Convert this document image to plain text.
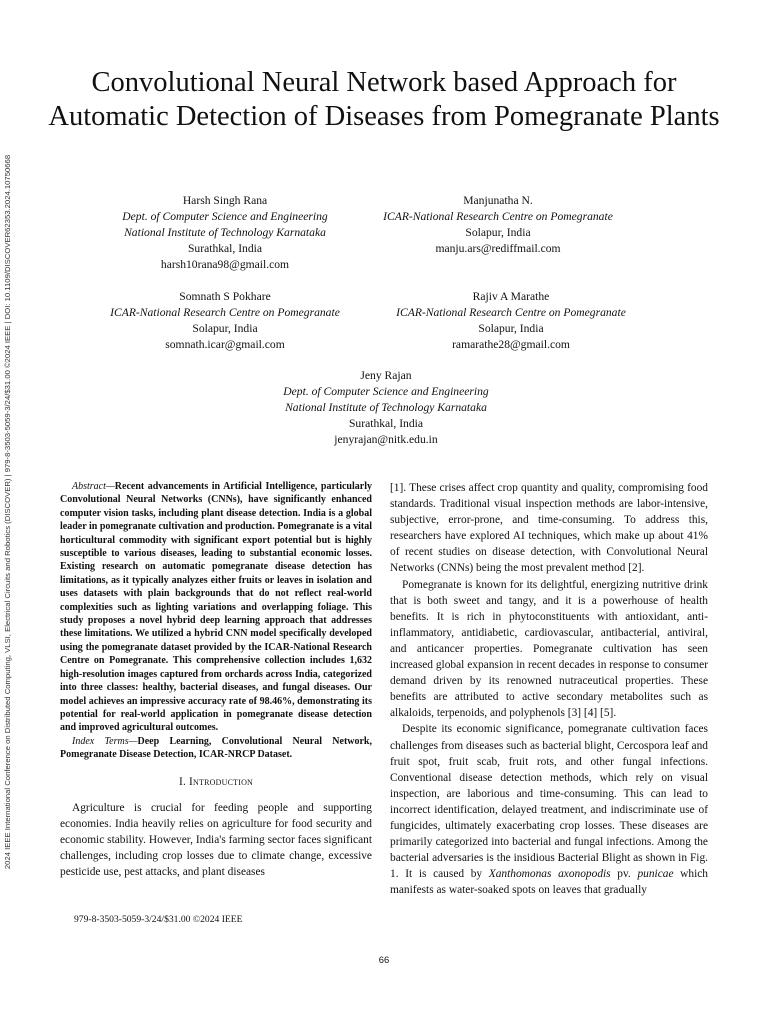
2024 IEEE International Conference on Distributed Computing, VLSI, Electrical Circuits and Robotics (DISCOVER) | 979-8-3503-5059-3/24/$31.00 ©2024 IEEE | DOI: 10.1109/DISCOVER62353.2024.10750668
Convolutional Neural Network based Approach for Automatic Detection of Diseases from Pomegranate Plants
Harsh Singh Rana
Dept. of Computer Science and Engineering
National Institute of Technology Karnataka
Surathkal, India
harsh10rana98@gmail.com
Manjunatha N.
ICAR-National Research Centre on Pomegranate
Solapur, India
manju.ars@rediffmail.com
Somnath S Pokhare
ICAR-National Research Centre on Pomegranate
Solapur, India
somnath.icar@gmail.com
Rajiv A Marathe
ICAR-National Research Centre on Pomegranate
Solapur, India
ramarathe28@gmail.com
Jeny Rajan
Dept. of Computer Science and Engineering
National Institute of Technology Karnataka
Surathkal, India
jenyrajan@nitk.edu.in

Abstract—Recent advancements in Artificial Intelligence, particularly Convolutional Neural Networks (CNNs), have significantly enhanced computer vision tasks, including plant disease detection. India is a global leader in pomegranate cultivation and production. Pomegranate is a vital horticultural commodity with significant export potential but is highly susceptible to various diseases, leading to substantial economic losses. Existing research on automatic pomegranate disease detection has limitations, as it typically analyzes either fruits or leaves in isolation and uses datasets with plain backgrounds that do not reflect real-world complexities such as lighting variations and overlapping foliage. This study proposes a novel hybrid deep learning approach that addresses these limitations. We utilized a hybrid CNN model specifically developed using the pomegranate dataset provided by the ICAR-National Research Centre on Pomegranate. This comprehensive collection includes 1,632 high-resolution images captured from orchards across India, categorized into three classes: healthy, bacterial diseases, and fungal diseases. Our model achieves an impressive accuracy rate of 98.46%, demonstrating its potential for real-world application in pomegranate disease detection and improved agricultural outcomes.

Index Terms—Deep Learning, Convolutional Neural Network, Pomegranate Disease Detection, ICAR-NRCP Dataset.

I. Introduction

Agriculture is crucial for feeding people and supporting economies. India heavily relies on agriculture for food security and economic stability. However, India's farming sector faces significant challenges, including crop losses due to climate change, excessive pesticide use, pest attacks, and plant diseases

[1]. These crises affect crop quantity and quality, compromising food standards. Traditional visual inspection methods are labor-intensive, subjective, error-prone, and time-consuming. To address this, researchers have explored AI techniques, which make up about 41% of recent studies on disease detection, with Convolutional Neural Networks (CNNs) being the most prevalent method [2].

Pomegranate is known for its delightful, energizing nutritive drink that is both sweet and tangy, and it is a powerhouse of health benefits. It is rich in phytoconstituents with antioxidant, anti-inflammatory, antidiabetic, cardiovascular, antibacterial, antiviral, and anticancer properties. Pomegranate cultivation has seen increased global expansion in recent decades in response to consumer demand driven by its renowned nutraceutical properties. These benefits are attributed to active secondary metabolites such as alkaloids, terpenoids, and polyphenols [3] [4] [5].

Despite its economic significance, pomegranate cultivation faces challenges from diseases such as bacterial blight, Cercospora leaf and fruit spot, fruit scab, fruit rots, and other fungal infections. Conventional disease detection methods, which rely on visual inspection, are laborious and time-consuming. This can lead to incorrect identification, delayed treatment, and indiscriminate use of fungicides, ultimately exacerbating crop losses. These diseases are primarily categorized into bacterial and fungal infections. Among the bacterial adversaries is the insidious Bacterial Blight as shown in Fig. 1. It is caused by Xanthomonas axonopodis pv. punicae which manifests as water-soaked spots on leaves that gradually

979-8-3503-5059-3/24/$31.00 ©2024 IEEE
66
